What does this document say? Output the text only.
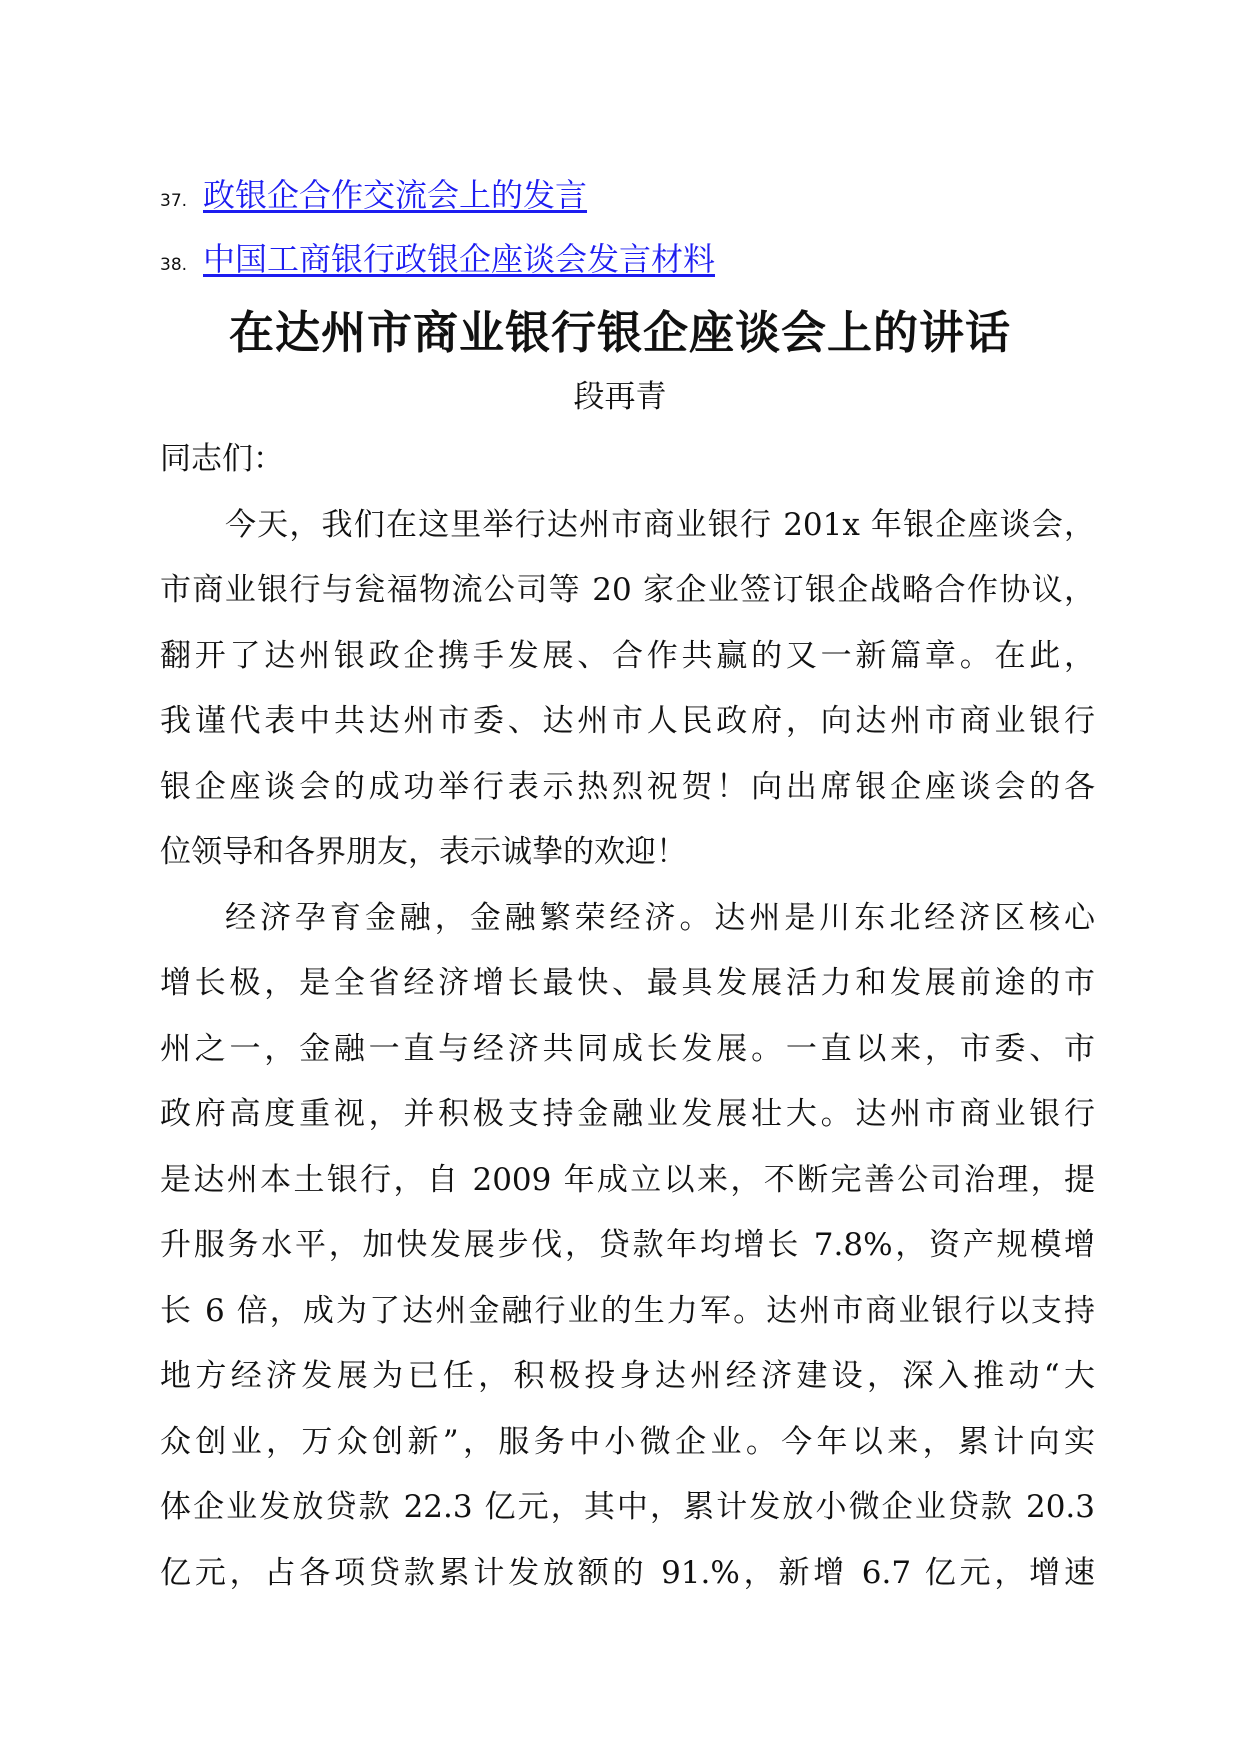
37. 政银企合作交流会上的发言
38. 中国工商银行政银企座谈会发言材料
在达州市商业银行银企座谈会上的讲话
段再青
同志们：
今天，我们在这里举行达州市商业银行 201x 年银企座谈会，
市商业银行与瓮福物流公司等 20 家企业签订银企战略合作协议，
翻开了达州银政企携手发展、合作共赢的又一新篇章。在此，
我谨代表中共达州市委、达州市人民政府，向达州市商业银行
银企座谈会的成功举行表示热烈祝贺！向出席银企座谈会的各
位领导和各界朋友，表示诚挚的欢迎！
经济孕育金融，金融繁荣经济。达州是川东北经济区核心
增长极，是全省经济增长最快、最具发展活力和发展前途的市
州之一，金融一直与经济共同成长发展。一直以来，市委、市
政府高度重视，并积极支持金融业发展壮大。达州市商业银行
是达州本土银行，自 2009 年成立以来，不断完善公司治理，提
升服务水平，加快发展步伐，贷款年均增长 7.8%，资产规模增
长 6 倍，成为了达州金融行业的生力军。达州市商业银行以支持
地方经济发展为已任，积极投身达州经济建设，深入推动“大
众创业，万众创新”，服务中小微企业。今年以来，累计向实
体企业发放贷款 22.3 亿元，其中，累计发放小微企业贷款 20.3
亿元，占各项贷款累计发放额的 91.%，新增 6.7 亿元，增速
